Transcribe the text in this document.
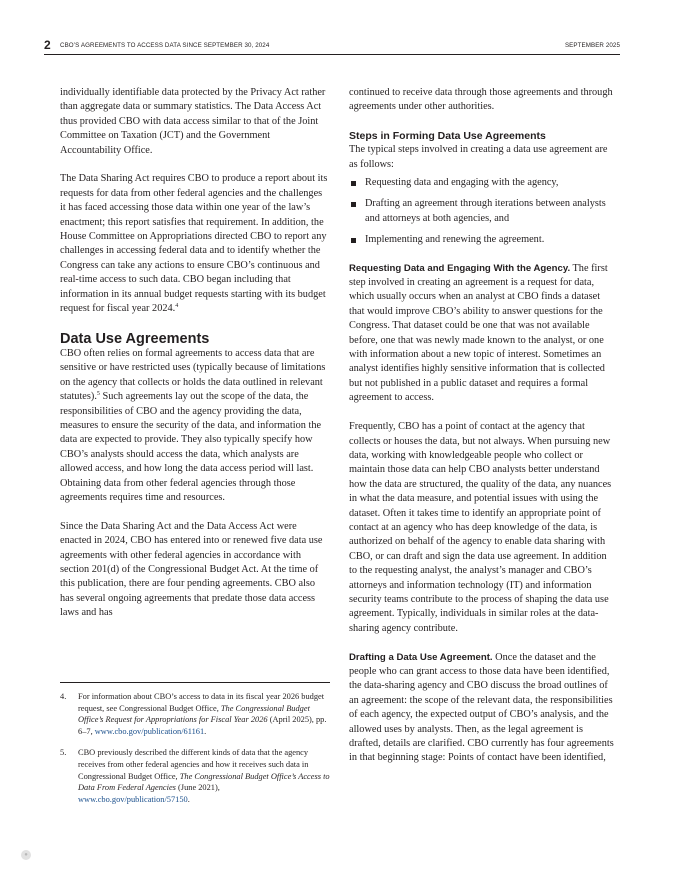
2 CBO’S AGREEMENTS TO ACCESS DATA SINCE SEPTEMBER 30, 2024	SEPTEMBER 2025

individually identifiable data protected by the Privacy Act rather than aggregate data or summary statistics. The Data Access Act thus provided CBO with data access similar to that of the Joint Committee on Taxation (JCT) and the Government Accountability Office.

The Data Sharing Act requires CBO to produce a report about its requests for data from other federal agencies and the challenges it has faced accessing those data within one year of the law’s enactment; this report satisfies that requirement. In addition, the House Committee on Appropriations directed CBO to report any challenges in accessing federal data and to identify whether the Congress can take any actions to ensure CBO’s continuous and real-time access to such data. CBO began including that information in its annual budget requests starting with its budget request for fiscal year 2024.$^4$

Data Use Agreements

CBO often relies on formal agreements to access data that are sensitive or have restricted uses (typically because of limitations on the agency that collects or holds the data outlined in relevant statutes).$^5$ Such agreements lay out the scope of the data, the responsibilities of CBO and the agency providing the data, measures to ensure the security of the data, and information the data are expected to provide. They also typically specify how CBO’s analysts should access the data, which analysts are allowed access, and how long the data access period will last. Obtaining data from other federal agencies through those agreements requires time and resources.

Since the Data Sharing Act and the Data Access Act were enacted in 2024, CBO has entered into or renewed five data use agreements with other federal agencies in accordance with section 201(d) of the Congressional Budget Act. At the time of this publication, there are four pending agreements. CBO also has several ongoing agreements that predate those data access laws and has

4. For information about CBO’s access to data in its fiscal year 2026 budget request, see Congressional Budget Office, The Congressional Budget Office’s Request for Appropriations for Fiscal Year 2026 (April 2025), pp. 6–7, www.cbo.gov/publication/61161.
5. CBO previously described the different kinds of data that the agency receives from other federal agencies and how it receives such data in Congressional Budget Office, The Congressional Budget Office’s Access to Data From Federal Agencies (June 2021), www.cbo.gov/publication/57150.

continued to receive data through those agreements and through agreements under other authorities.

Steps in Forming Data Use Agreements

The typical steps involved in creating a data use agreement are as follows:

Requesting data and engaging with the agency,
Drafting an agreement through iterations between analysts and attorneys at both agencies, and
Implementing and renewing the agreement.

Requesting Data and Engaging With the Agency. The first step involved in creating an agreement is a request for data, which usually occurs when an analyst at CBO finds a dataset that would improve CBO’s ability to answer questions for the Congress. That dataset could be one that was not available before, one that was newly made known to the analyst, or one with information about a new topic of interest. Sometimes an analyst identifies highly sensitive information that is collected but not published in a public dataset and requires a formal agreement to access.

Frequently, CBO has a point of contact at the agency that collects or houses the data, but not always. When pursuing new data, working with knowledgeable people who collect or maintain those data can help CBO analysts better understand how the data are structured, the quality of the data, any nuances in what the data measure, and potential issues with using the dataset. Often it takes time to identify an appropriate point of contact at an agency who has deep knowledge of the data, is authorized on behalf of the agency to enable data sharing with CBO, or can draft and sign the data use agreement. In addition to the requesting analyst, the analyst’s manager and CBO’s attorneys and information technology (IT) and information security teams contribute to the process of shaping the data use agreement. Typically, individuals in similar roles at the data-sharing agency contribute.

Drafting a Data Use Agreement. Once the dataset and the people who can grant access to those data have been identified, the data-sharing agency and CBO discuss the broad outlines of an agreement: the scope of the relevant data, the responsibilities of each agency, the expected output of CBO’s analysis, and the allowed uses by analysts. Then, as the legal agreement is drafted, details are clarified. CBO currently has four agreements in that beginning stage: Points of contact have been identified,

●
